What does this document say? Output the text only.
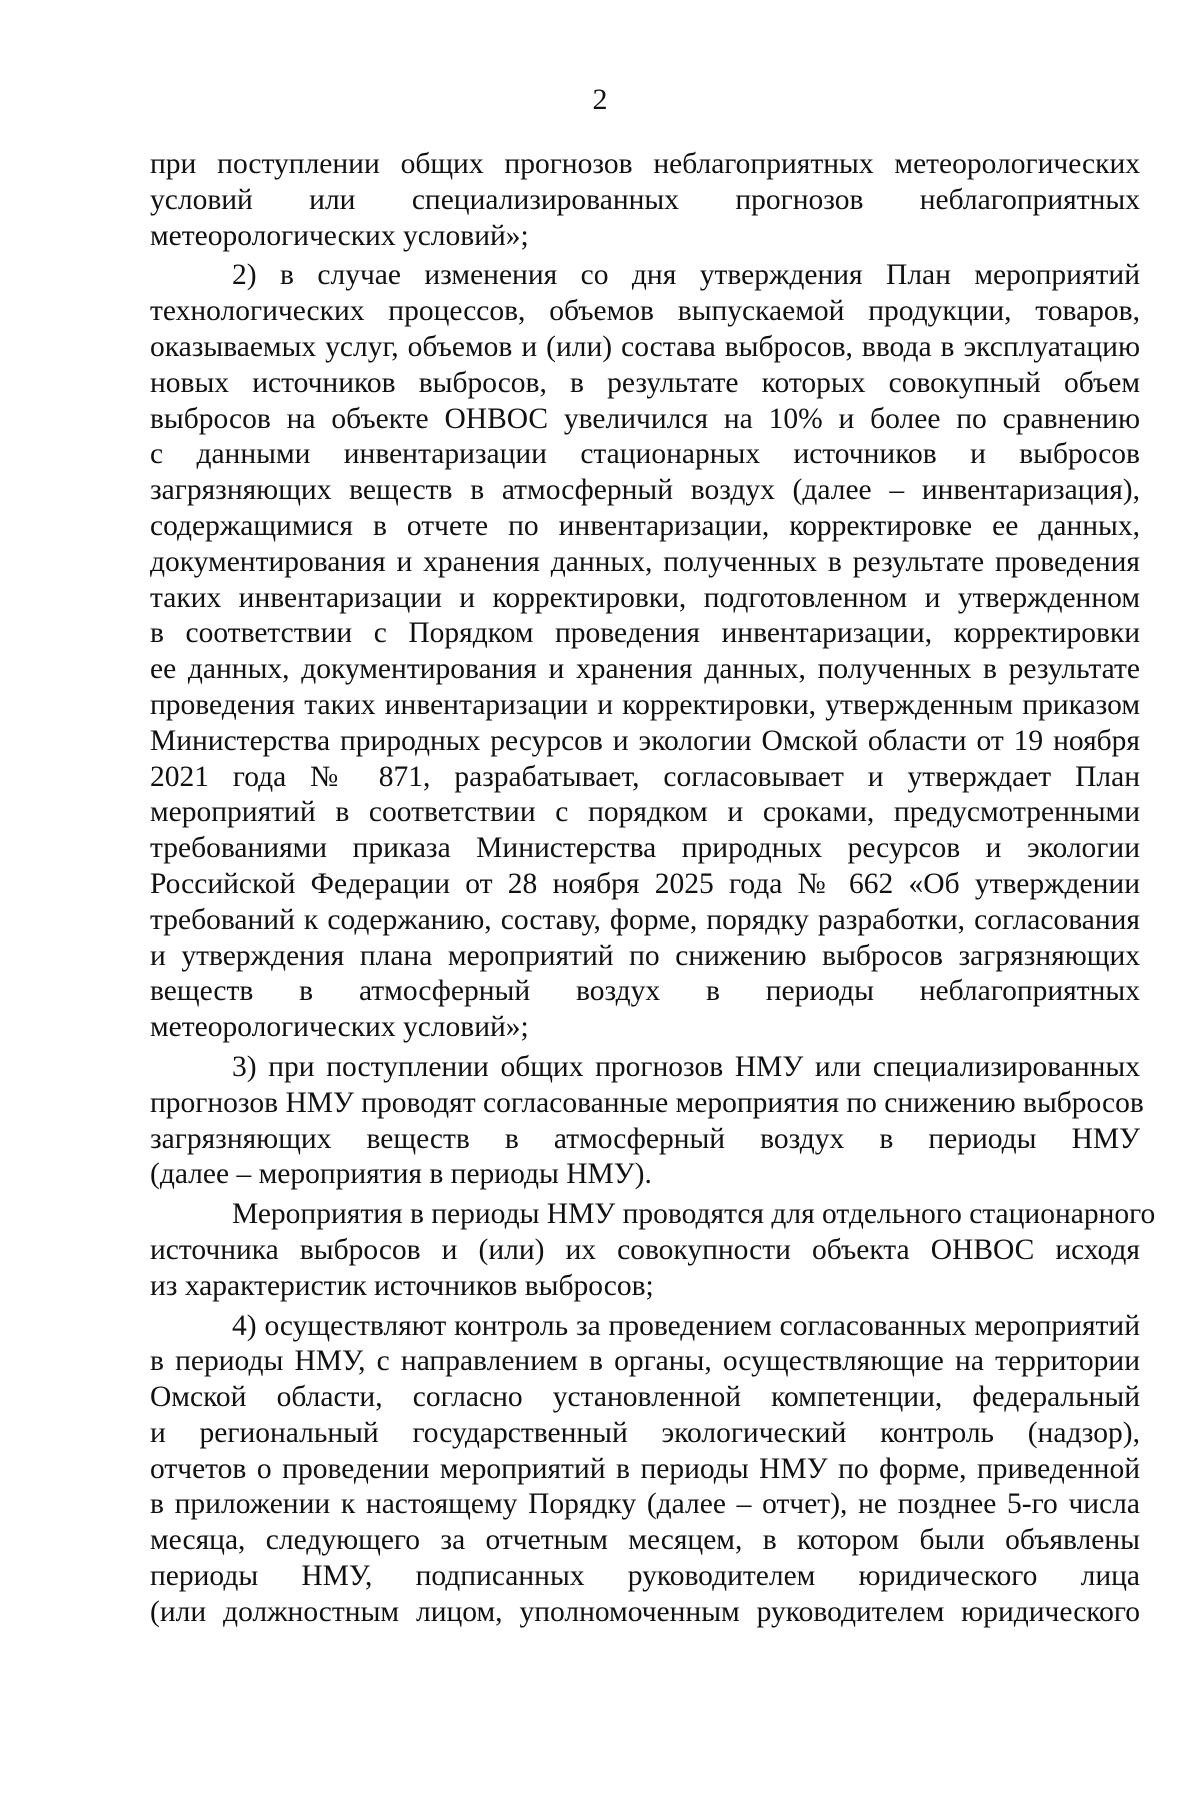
2
при поступлении общих прогнозов неблагоприятных метеорологических
условий или специализированных прогнозов неблагоприятных
метеорологических условий»;
2) в случае изменения со дня утверждения План мероприятий
технологических процессов, объемов выпускаемой продукции, товаров,
оказываемых услуг, объемов и (или) состава выбросов, ввода в эксплуатацию
новых источников выбросов, в результате которых совокупный объем
выбросов на объекте ОНВОС увеличился на 10% и более по сравнению
с данными инвентаризации стационарных источников и выбросов
загрязняющих веществ в атмосферный воздух (далее – инвентаризация),
содержащимися в отчете по инвентаризации, корректировке ее данных,
документирования и хранения данных, полученных в результате проведения
таких инвентаризации и корректировки, подготовленном и утвержденном
в соответствии с Порядком проведения инвентаризации, корректировки
ее данных, документирования и хранения данных, полученных в результате
проведения таких инвентаризации и корректировки, утвержденным приказом
Министерства природных ресурсов и экологии Омской области от 19 ноября
2021 года № 871, разрабатывает, согласовывает и утверждает План
мероприятий в соответствии с порядком и сроками, предусмотренными
требованиями приказа Министерства природных ресурсов и экологии
Российской Федерации от 28 ноября 2025 года № 662 «Об утверждении
требований к содержанию, составу, форме, порядку разработки, согласования
и утверждения плана мероприятий по снижению выбросов загрязняющих
веществ в атмосферный воздух в периоды неблагоприятных
метеорологических условий»;
3) при поступлении общих прогнозов НМУ или специализированных
прогнозов НМУ проводят согласованные мероприятия по снижению выбросов
загрязняющих веществ в атмосферный воздух в периоды НМУ
(далее – мероприятия в периоды НМУ).
Мероприятия в периоды НМУ проводятся для отдельного стационарного
источника выбросов и (или) их совокупности объекта ОНВОС исходя
из характеристик источников выбросов;
4) осуществляют контроль за проведением согласованных мероприятий
в периоды НМУ, с направлением в органы, осуществляющие на территории
Омской области, согласно установленной компетенции, федеральный
и региональный государственный экологический контроль (надзор),
отчетов о проведении мероприятий в периоды НМУ по форме, приведенной
в приложении к настоящему Порядку (далее – отчет), не позднее 5-го числа
месяца, следующего за отчетным месяцем, в котором были объявлены
периоды НМУ, подписанных руководителем юридического лица
(или должностным лицом, уполномоченным руководителем юридического
